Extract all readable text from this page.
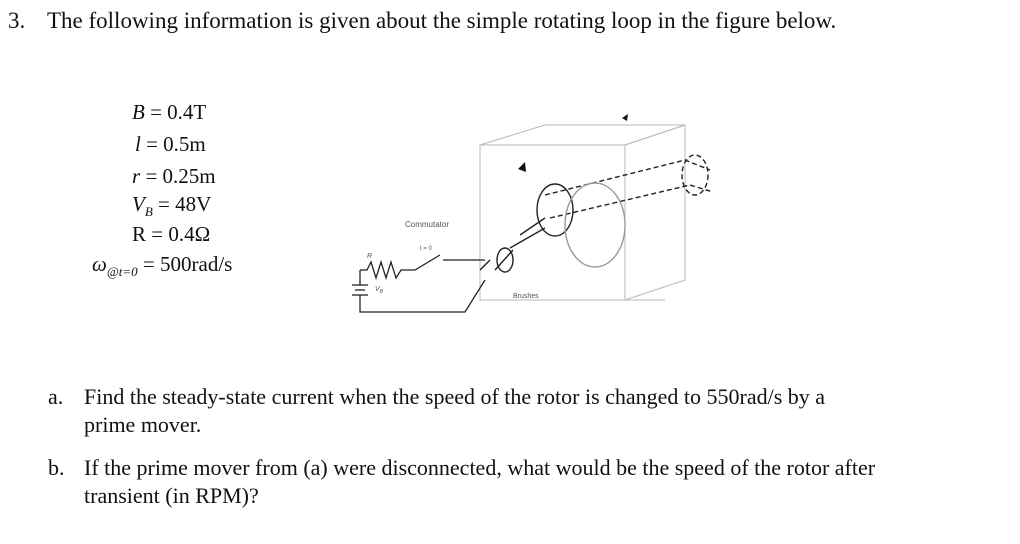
3. The following information is given about the simple rotating loop in the figure below.
B = 0.4T
l = 0.5m
r = 0.25m
$V_B = 48V$
R = 0.4Ω
$\omega_{@t=0} = 500rad/s$
Commutator
Brushes
t = 0
R
$V_B$
a. Find the steady-state current when the speed of the rotor is changed to 550rad/s by a
prime mover.
b. If the prime mover from (a) were disconnected, what would be the speed of the rotor after
transient (in RPM)?
